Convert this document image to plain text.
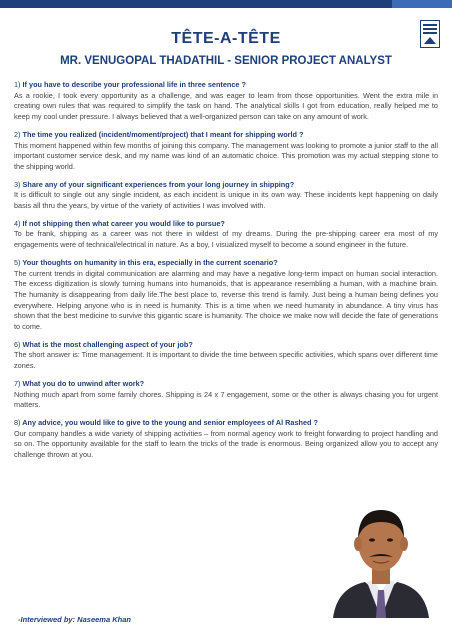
TÊTE-A-TÊTE
MR. VENUGOPAL THADATHIL - SENIOR PROJECT ANALYST
1) If you have to describe your professional life in three sentence ?
As a rookie, I took every opportunity as a challenge, and was eager to learn from those opportunities. Went the extra mile in creating own rules that was required to simplify the task on hand. The analytical skills I got from education, really helped me to keep my cool under pressure. I always believed that a well-organized person can take on any amount of work.
2) The time you realized (incident/moment/project) that I meant for shipping world ?
This moment happened within few months of joining this company. The management was looking to promote a junior staff to the all important customer service desk, and my name was kind of an automatic choice. This promotion was my actual stepping stone to the shipping world.
3) Share any of your significant experiences from your long journey in shipping?
It is difficult to single out any single incident, as each incident is unique in its own way. These incidents kept happening on daily basis all thru the years, by virtue of the variety of activities I was involved with.
4) If not shipping then what career you would like to pursue?
To be frank, shipping as a career was not there in wildest of my dreams. During the pre-shipping career era most of my engagements were of technical/electrical in nature. As a boy, I visualized myself to become a sound engineer in the future.
5) Your thoughts on humanity in this era, especially in the current scenario?
The current trends in digital communication are alarming and may have a negative long-term impact on human social interaction. The excess digitization is slowly turning humans into humanoids, that is appearance resembling a human, with a machine brain. The humanity is disappearing from daily life.The best place to, reverse this trend is family. Just being a human being defines you everywhere. Helping anyone who is in need is humanity. This is a time when we need humanity in abundance. A tiny virus has shown that the best medicine to survive this gigantic scare is humanity. The choice we make now will decide the fate of generations to come.
6) What is the most challenging aspect of your job?
The short answer is: Time management. It is important to divide the time between specific activities, which spans over different time zones.
7) What you do to unwind after work?
Nothing much apart from some family chores. Shipping is 24 x 7 engagement, some or the other is always chasing you for urgent matters.
8) Any advice, you would like to give to the young and senior employees of Al Rashed ?
Our company handles a wide variety of shipping activities – from normal agency work to freight forwarding to project handling and so on. The opportunity available for the staff to learn the tricks of the trade is enormous. Being organized allow you to accept any challenge thrown at you.
-Interviewed by: Naseema Khan
